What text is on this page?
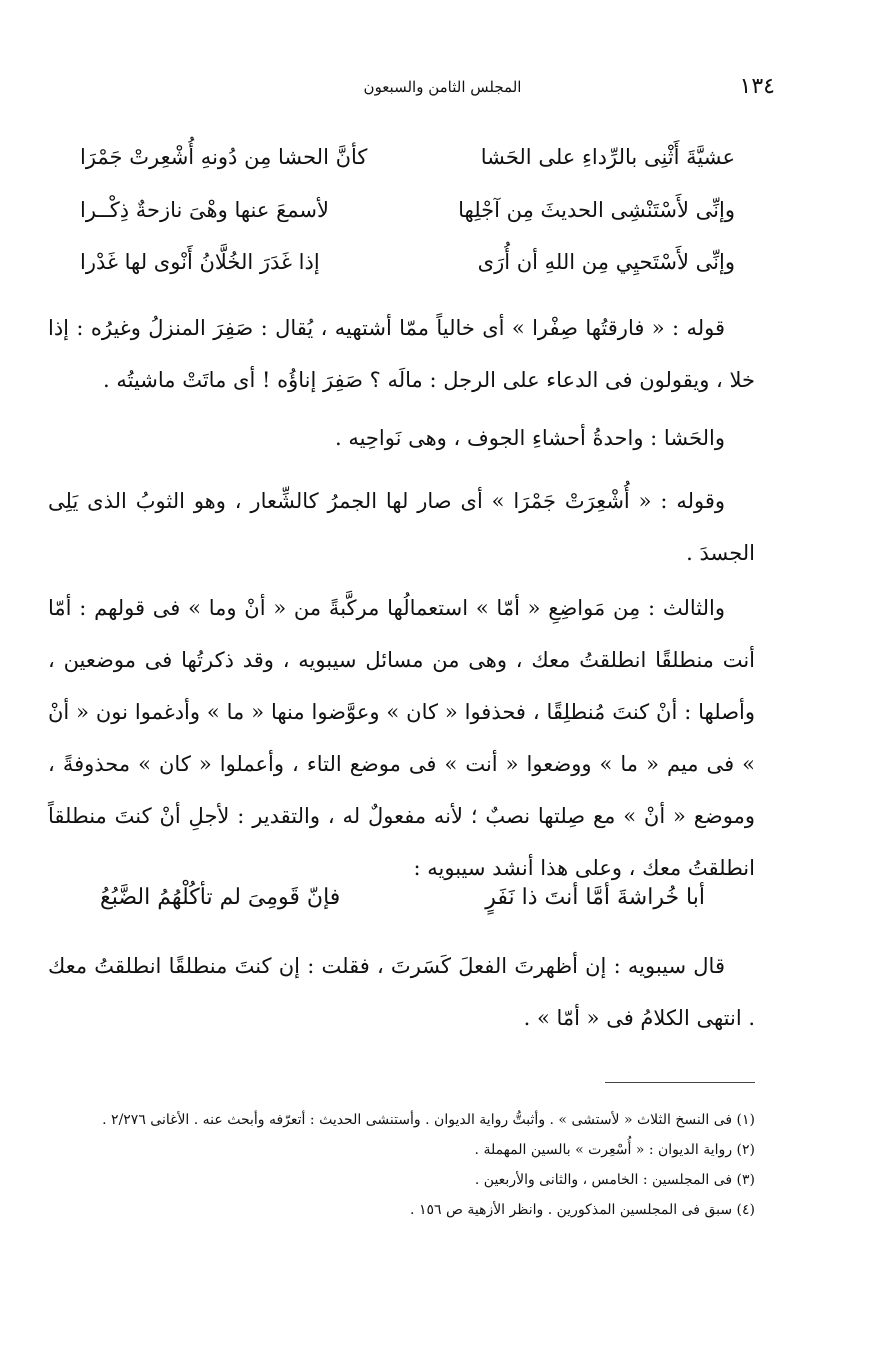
١٣٤
المجلس الثامن والسبعون
عشيَّةَ أَثْنِى بالرِّداءِ على الحَشا
كأنَّ الحشا مِن دُونهِ أُشْعِرتْ جَمْرَا
وإنِّى لأَسْتَنْشِى الحديثَ مِن آجْلِها
لأسمعَ عنها وهْىَ نازحةٌ ذِكْــرا
وإنِّى لأَسْتَحيِي مِن اللهِ أن أُرَى
إذا غَدَرَ الخُلَّانُ أَنْوى لها غَدْرا
قوله : « فارقتُها صِفْرا » أى خالياً ممّا أشتهيه ، يُقال : صَفِرَ المنزلُ وغيرُه : إذا خلا ، ويقولون فى الدعاء على الرجل : مالَه ؟ صَفِرَ إناؤُه ! أى ماتَتْ ماشيتُه .
والحَشا : واحدةُ أحشاءِ الجوف ، وهى نَواحِيه .
وقوله : « أُشْعِرَتْ جَمْرَا » أى صار لها الجمرُ كالشِّعار ، وهو الثوبُ الذى يَلِى الجسدَ .
والثالث : مِن مَواضِعِ « أمّا » استعمالُها مركَّبةً من « أنْ وما » فى قولهم : أمّا أنت منطلقًا انطلقتُ معك ، وهى من مسائل سيبويه ، وقد ذكرتُها فى موضعين ، وأصلها : أنْ كنتَ مُنطلِقًا ، فحذفوا « كان » وعوَّضوا منها « ما » وأدغموا نون « أنْ » فى ميم « ما » ووضعوا « أنت » فى موضع التاء ، وأعملوا « كان » محذوفةً ، وموضع « أنْ » مع صِلتها نصبٌ ؛ لأنه مفعولٌ له ، والتقدير : لأجلِ أنْ كنتَ منطلقاً انطلقتُ معك ، وعلى هذا أنشد سيبويه :
أبا خُراشةَ أمَّا أنتَ ذا نَفَرٍ
فإنّ قَومِىَ لم تأكُلْهُمُ الضَّبُعُ
قال سيبويه : إن أظهرتَ الفعلَ كَسَرتَ ، فقلت : إن كنتَ منطلقًا انطلقتُ معك . انتهى الكلامُ فى « أمّا » .
(١) فى النسخ الثلاث « لأستشى » . وأثبتُّ رواية الديوان . وأستنشى الحديث : أتعرّفه وأبحث عنه . الأغانى ٢/٢٧٦ .
(٢) رواية الديوان : « أُسْعِرت » بالسين المهملة .
(٣) فى المجلسين : الخامس ، والثانى والأربعين .
(٤) سبق فى المجلسين المذكورين . وانظر الأزهية ص ١٥٦ .
